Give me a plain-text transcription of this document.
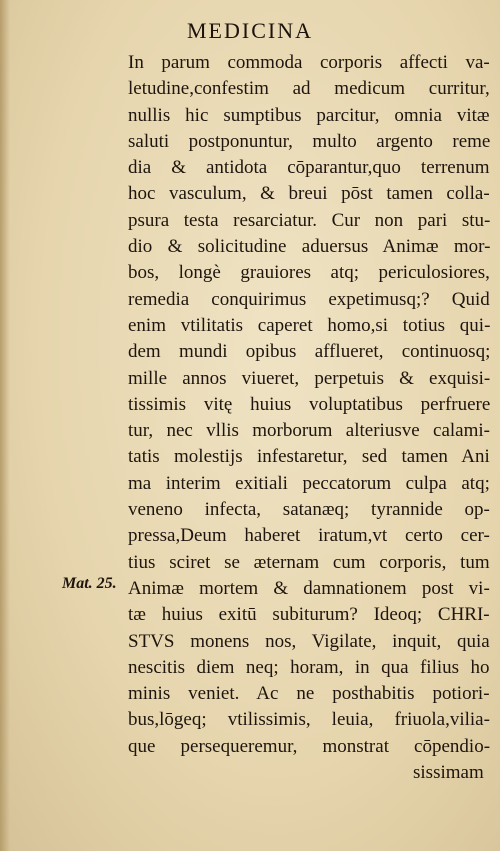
MEDICINA
Mat. 25.
In parum commoda corporis affecti va-
letudine,confestim ad medicum curritur,
nullis hic sumptibus parcitur, omnia vitæ
saluti postponuntur, multo argento reme
dia & antidota cōparantur,quo terrenum
hoc vasculum, & breui pōst tamen colla-
psura testa resarciatur. Cur non pari stu-
dio & solicitudine aduersus Animæ mor-
bos, longè grauiores atq; periculosiores,
remedia conquirimus expetimusq;? Quid
enim vtilitatis caperet homo,si totius qui-
dem mundi opibus afflueret, continuosq;
mille annos viueret, perpetuis & exquisi-
tissimis vitę huius voluptatibus perfruere
tur, nec vllis morborum alteriusve calami-
tatis molestijs infestaretur, sed tamen Ani
ma interim exitiali peccatorum culpa atq;
veneno infecta, satanæq; tyrannide op-
pressa,Deum haberet iratum,vt certo cer-
tius sciret se æternam cum corporis, tum
Animæ mortem & damnationem post vi-
tæ huius exitū subiturum? Ideoq; CHRI-
STVS monens nos, Vigilate, inquit, quia
nescitis diem neq; horam, in qua filius ho
minis veniet. Ac ne posthabitis potiori-
bus,lōgeq; vtilissimis, leuia, friuola,vilia-
que persequeremur, monstrat cōpendio-
sissimam
